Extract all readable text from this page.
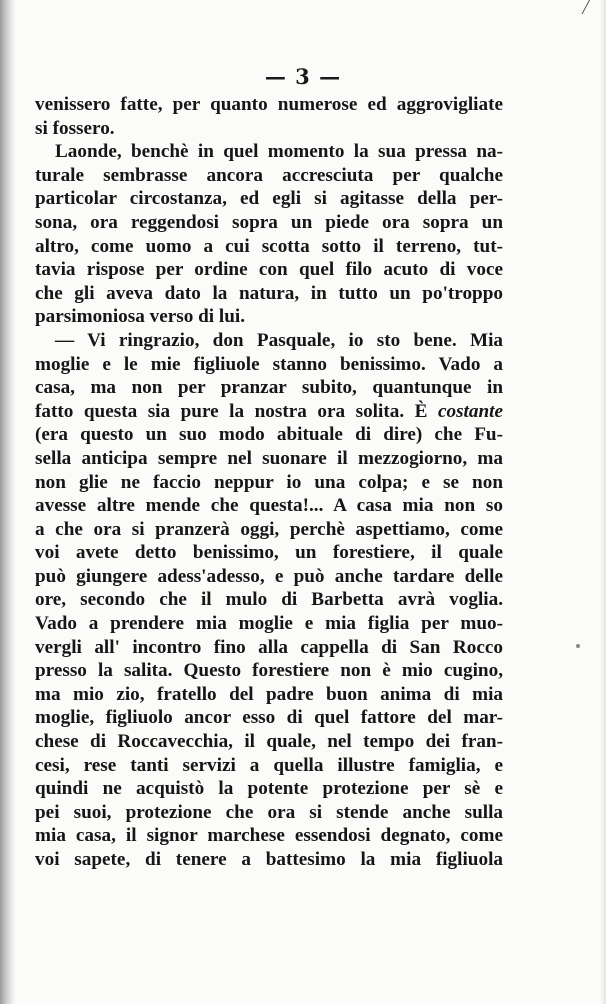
— 3 —
venissero fatte, per quanto numerose ed aggrovigliate
si fossero.
Laonde, benchè in quel momento la sua pressa na-
turale sembrasse ancora accresciuta per qualche
particolar circostanza, ed egli si agitasse della per-
sona, ora reggendosi sopra un piede ora sopra un
altro, come uomo a cui scotta sotto il terreno, tut-
tavia rispose per ordine con quel filo acuto di voce
che gli aveva dato la natura, in tutto un po'troppo
parsimoniosa verso di lui.
— Vi ringrazio, don Pasquale, io sto bene. Mia
moglie e le mie figliuole stanno benissimo. Vado a
casa, ma non per pranzar subito, quantunque in
fatto questa sia pure la nostra ora solita. È costante
(era questo un suo modo abituale di dire) che Fu-
sella anticipa sempre nel suonare il mezzogiorno, ma
non glie ne faccio neppur io una colpa; e se non
avesse altre mende che questa!... A casa mia non so
a che ora si pranzerà oggi, perchè aspettiamo, come
voi avete detto benissimo, un forestiere, il quale
può giungere adess'adesso, e può anche tardare delle
ore, secondo che il mulo di Barbetta avrà voglia.
Vado a prendere mia moglie e mia figlia per muo-
vergli all' incontro fino alla cappella di San Rocco
presso la salita. Questo forestiere non è mio cugino,
ma mio zio, fratello del padre buon anima di mia
moglie, figliuolo ancor esso di quel fattore del mar-
chese di Roccavecchia, il quale, nel tempo dei fran-
cesi, rese tanti servizi a quella illustre famiglia, e
quindi ne acquistò la potente protezione per sè e
pei suoi, protezione che ora si stende anche sulla
mia casa, il signor marchese essendosi degnato, come
voi sapete, di tenere a battesimo la mia figliuola
